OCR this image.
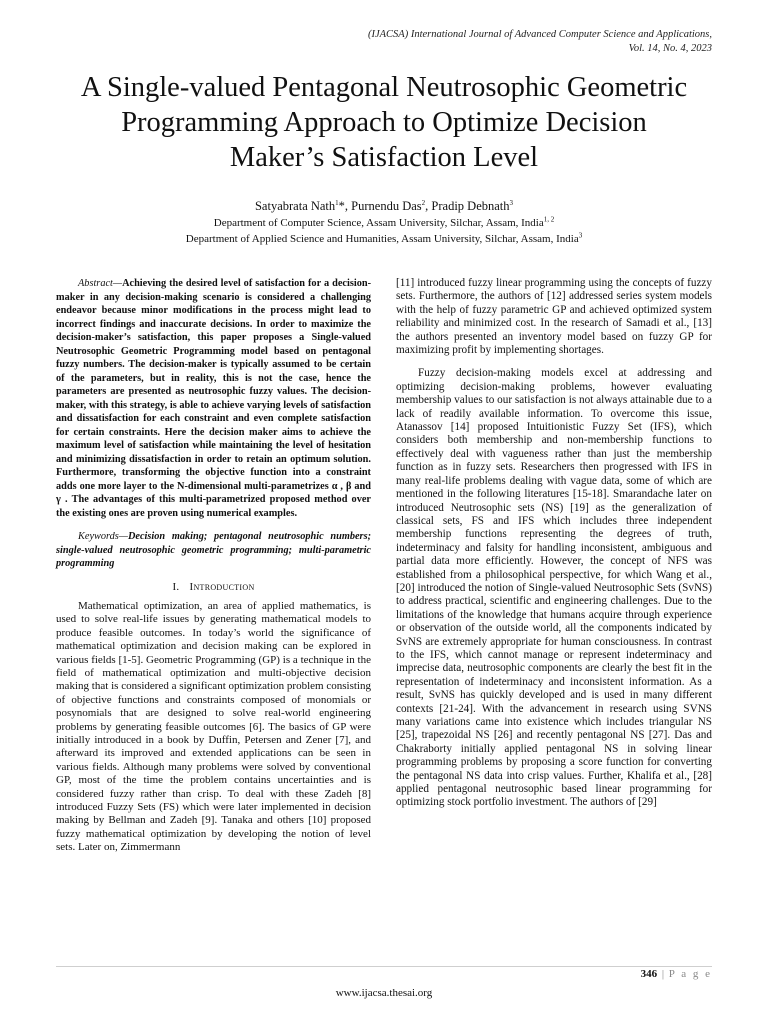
(IJACSA) International Journal of Advanced Computer Science and Applications,
Vol. 14, No. 4, 2023
A Single-valued Pentagonal Neutrosophic Geometric
Programming Approach to Optimize Decision
Maker’s Satisfaction Level
Satyabrata Nath$^1$*, Purnendu Das$^2$, Pradip Debnath$^3$
Department of Computer Science, Assam University, Silchar, Assam, India$^{1, 2}$
Department of Applied Science and Humanities, Assam University, Silchar, Assam, India$^3$

Abstract—Achieving the desired level of satisfaction for a decision-maker in any decision-making scenario is considered a challenging endeavor because minor modifications in the process might lead to incorrect findings and inaccurate decisions. In order to maximize the decision-maker’s satisfaction, this paper proposes a Single-valued Neutrosophic Geometric Programming model based on pentagonal fuzzy numbers. The decision-maker is typically assumed to be certain of the parameters, but in reality, this is not the case, hence the parameters are presented as neutrosophic fuzzy values. The decision-maker, with this strategy, is able to achieve varying levels of satisfaction and dissatisfaction for each constraint and even complete satisfaction for certain constraints. Here the decision maker aims to achieve the maximum level of satisfaction while maintaining the level of hesitation and minimizing dissatisfaction in order to retain an optimum solution. Furthermore, transforming the objective function into a constraint adds one more layer to the N-dimensional multi-parametrizes α , β and γ . The advantages of this multi-parametrized proposed method over the existing ones are proven using numerical examples.

Keywords—Decision making; pentagonal neutrosophic numbers; single-valued neutrosophic geometric programming; multi-parametric programming

I. Introduction

Mathematical optimization, an area of applied mathematics, is used to solve real-life issues by generating mathematical models to produce feasible outcomes. In today’s world the significance of mathematical optimization and decision making can be explored in various fields [1-5]. Geometric Programming (GP) is a technique in the field of mathematical optimization and multi-objective decision making that is considered a significant optimization problem consisting of objective functions and constraints composed of monomials or posynomials that are designed to solve real-world engineering problems by generating feasible outcomes [6]. The basics of GP were initially introduced in a book by Duffin, Petersen and Zener [7], and afterward its improved and extended applications can be seen in various fields. Although many problems were solved by conventional GP, most of the time the problem contains uncertainties and is considered fuzzy rather than crisp. To deal with these Zadeh [8] introduced Fuzzy Sets (FS) which were later implemented in decision making by Bellman and Zadeh [9]. Tanaka and others [10] proposed fuzzy mathematical optimization by developing the notion of level sets. Later on, Zimmermann

[11] introduced fuzzy linear programming using the concepts of fuzzy sets. Furthermore, the authors of [12] addressed series system models with the help of fuzzy parametric GP and achieved optimized system reliability and minimized cost. In the research of Samadi et al., [13] the authors presented an inventory model based on fuzzy GP for maximizing profit by implementing shortages.

Fuzzy decision-making models excel at addressing and optimizing decision-making problems, however evaluating membership values to our satisfaction is not always attainable due to a lack of readily available information. To overcome this issue, Atanassov [14] proposed Intuitionistic Fuzzy Set (IFS), which considers both membership and non-membership functions to effectively deal with vagueness rather than just the membership function as in fuzzy sets. Researchers then progressed with IFS in many real-life problems dealing with vague data, some of which are mentioned in the following literatures [15-18]. Smarandache later on introduced Neutrosophic sets (NS) [19] as the generalization of classical sets, FS and IFS which includes three independent membership functions representing the degrees of truth, indeterminacy and falsity for handling inconsistent, ambiguous and partial data more efficiently. However, the concept of NFS was established from a philosophical perspective, for which Wang et al., [20] introduced the notion of Single-valued Neutrosophic Sets (SvNS) to address practical, scientific and engineering challenges. Due to the limitations of the knowledge that humans acquire through experience or observation of the outside world, all the components indicated by SvNS are extremely appropriate for human consciousness. In contrast to the IFS, which cannot manage or represent indeterminacy and imprecise data, neutrosophic components are clearly the best fit in the representation of indeterminacy and inconsistent information. As a result, SvNS has quickly developed and is used in many different contexts [21-24]. With the advancement in research using SVNS many variations came into existence which includes triangular NS [25], trapezoidal NS [26] and recently pentagonal NS [27]. Das and Chakraborty initially applied pentagonal NS in solving linear programming problems by proposing a score function for converting the pentagonal NS data into crisp values. Further, Khalifa et al., [28] applied pentagonal neutrosophic based linear programming for optimizing stock portfolio investment. The authors of [29]

346 | P a g e
www.ijacsa.thesai.org
